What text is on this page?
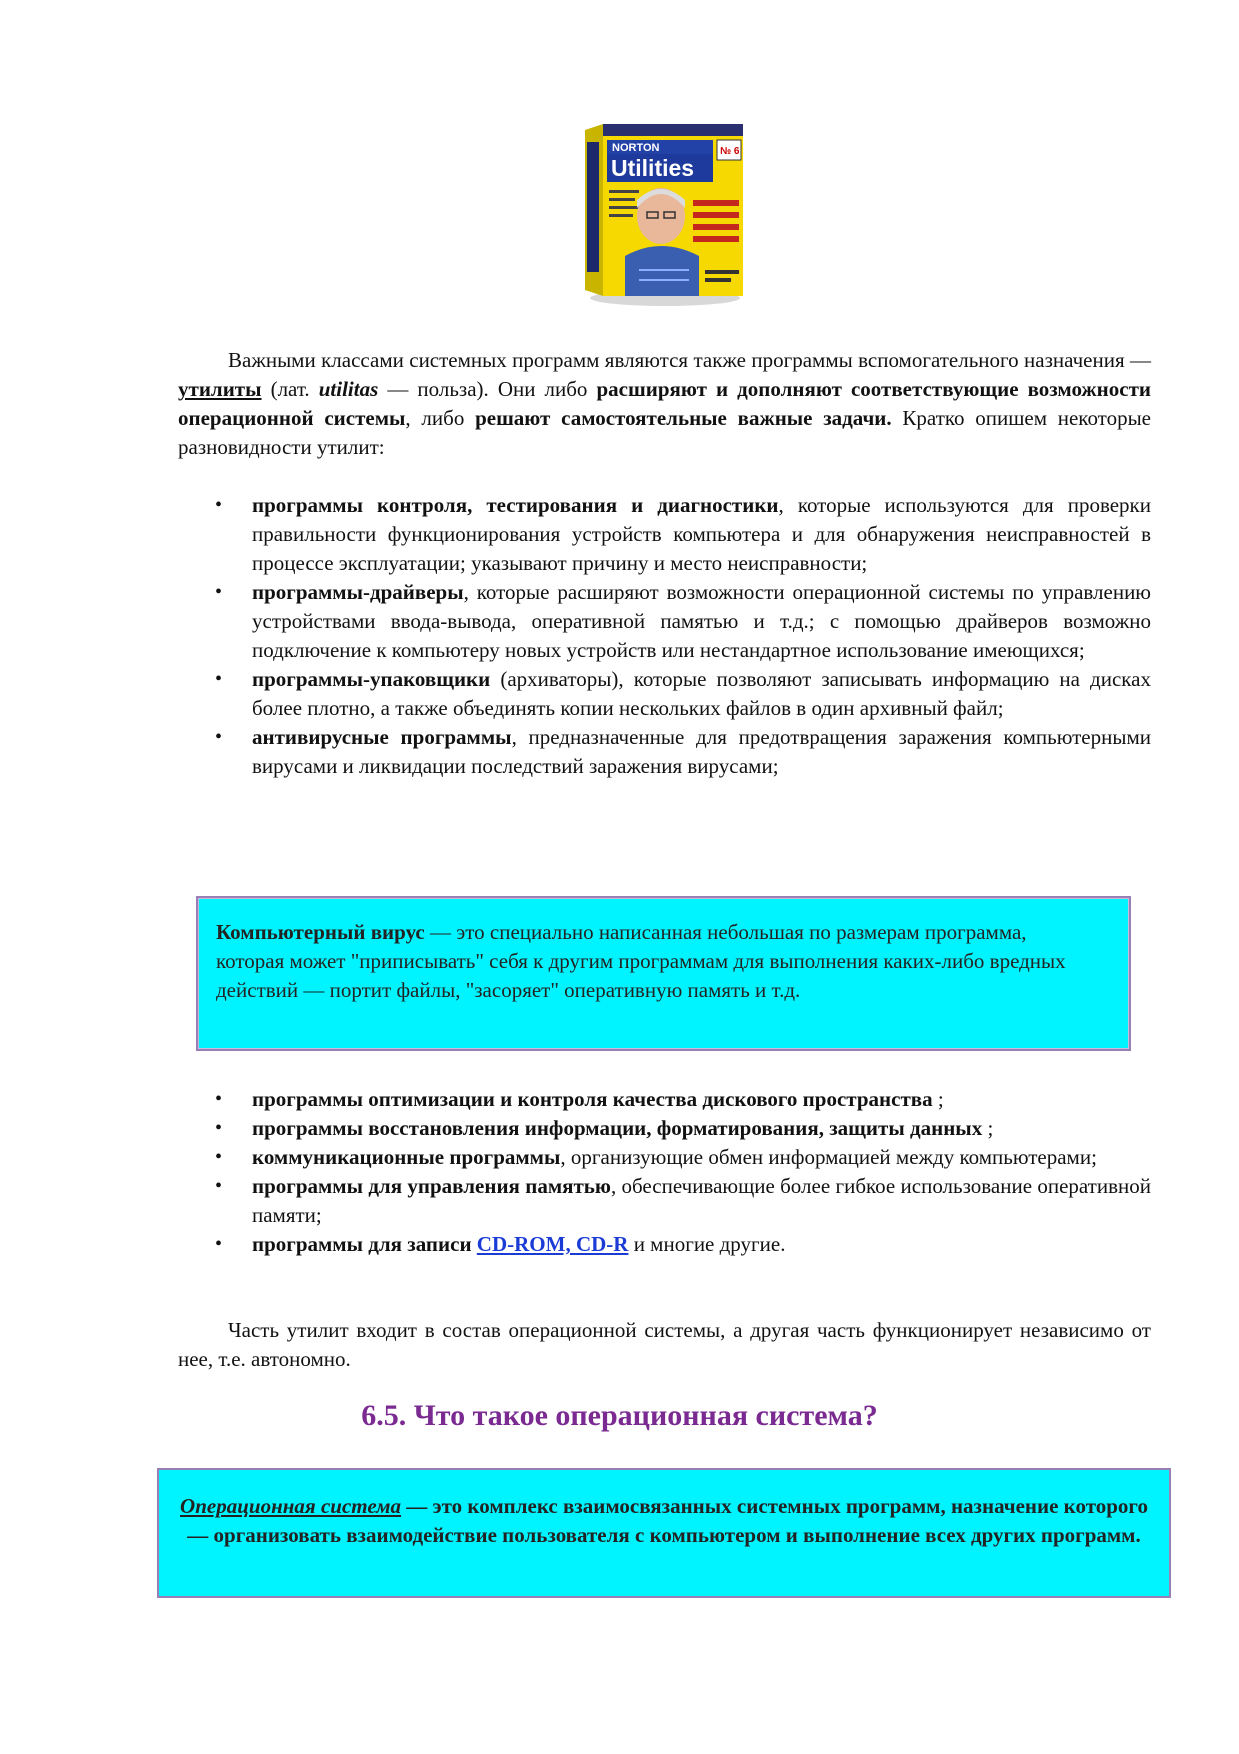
NORTON
Utilities
№ 6

Важными классами системных программ являются также программы вспомогательного назначения — утилиты (лат. utilitas — польза). Они либо расширяют и дополняют соответствующие возможности операционной системы, либо решают самостоятельные важные задачи. Кратко опишем некоторые разновидности утилит:

• программы контроля, тестирования и диагностики, которые используются для проверки правильности функционирования устройств компьютера и для обнаружения неисправностей в процессе эксплуатации; указывают причину и место неисправности;
• программы-драйверы, которые расширяют возможности операционной системы по управлению устройствами ввода-вывода, оперативной памятью и т.д.; с помощью драйверов возможно подключение к компьютеру новых устройств или нестандартное использование имеющихся;
• программы-упаковщики (архиваторы), которые позволяют записывать информацию на дисках более плотно, а также объединять копии нескольких файлов в один архивный файл;
• антивирусные программы, предназначенные для предотвращения заражения компьютерными вирусами и ликвидации последствий заражения вирусами;

Компьютерный вирус — это специально написанная небольшая по размерам программа, которая может "приписывать" себя к другим программам для выполнения каких-либо вредных действий — портит файлы, "засоряет" оперативную память и т.д.

• программы оптимизации и контроля качества дискового пространства ;
• программы восстановления информации, форматирования, защиты данных ;
• коммуникационные программы, организующие обмен информацией между компьютерами;
• программы для управления памятью, обеспечивающие более гибкое использование оперативной памяти;
• программы для записи CD-ROM, CD-R и многие другие.

Часть утилит входит в состав операционной системы, а другая часть функционирует независимо от нее, т.е. автономно.

6.5. Что такое операционная система?

Операционная система — это комплекс взаимосвязанных системных программ, назначение которого — организовать взаимодействие пользователя с компьютером и выполнение всех других программ.
